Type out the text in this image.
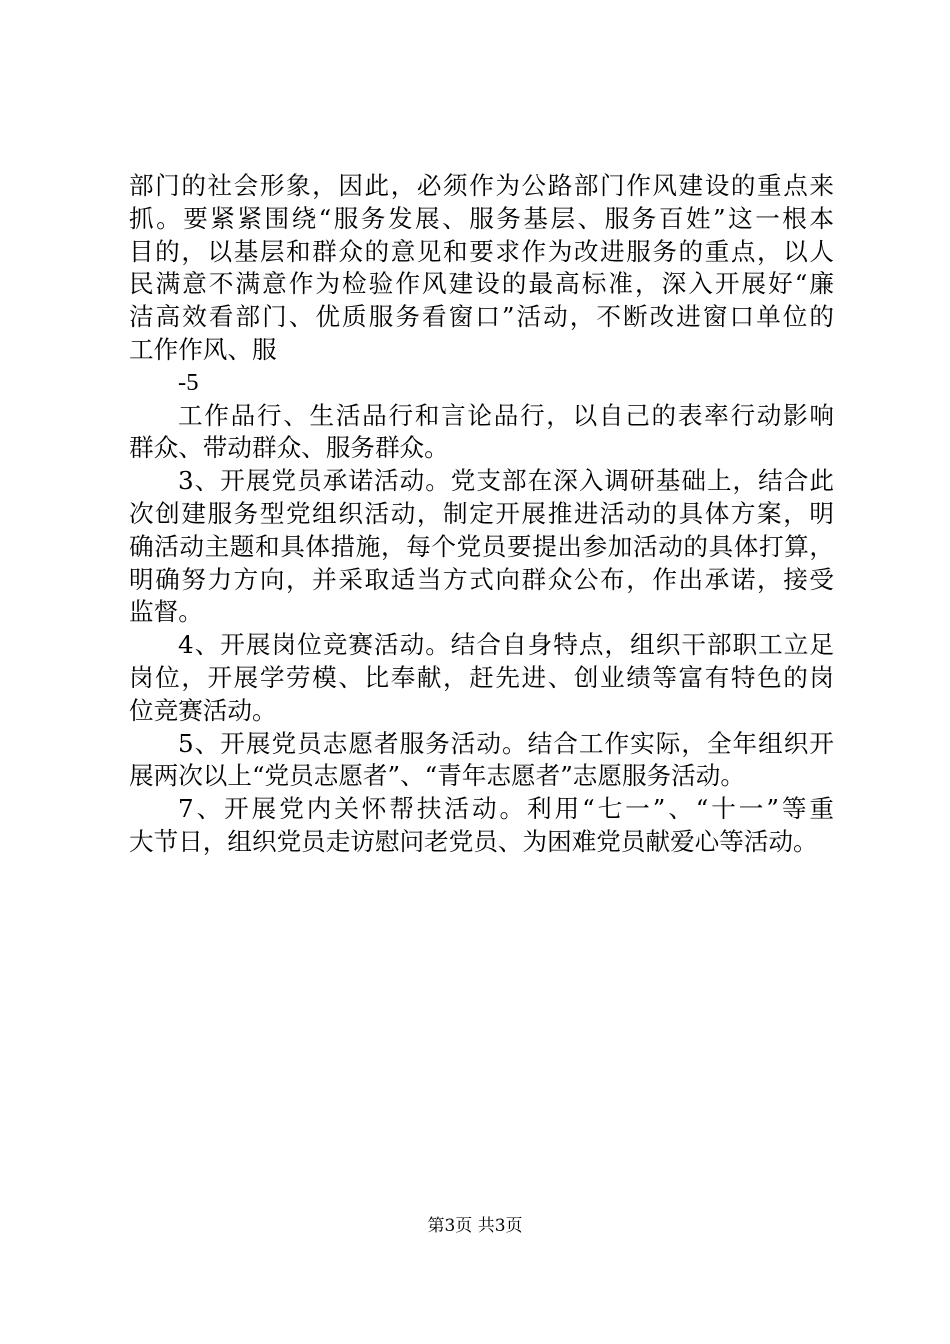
部门的社会形象，因此，必须作为公路部门作风建设的重点来
抓。要紧紧围绕“服务发展、服务基层、服务百姓”这一根本
目的，以基层和群众的意见和要求作为改进服务的重点，以人
民满意不满意作为检验作风建设的最高标准，深入开展好“廉
洁高效看部门、优质服务看窗口”活动，不断改进窗口单位的
工作作风、服
-5
工作品行、生活品行和言论品行，以自己的表率行动影响
群众、带动群众、服务群众。
3、开展党员承诺活动。党支部在深入调研基础上，结合此
次创建服务型党组织活动，制定开展推进活动的具体方案，明
确活动主题和具体措施，每个党员要提出参加活动的具体打算，
明确努力方向，并采取适当方式向群众公布，作出承诺，接受
监督。
4、开展岗位竞赛活动。结合自身特点，组织干部职工立足
岗位，开展学劳模、比奉献，赶先进、创业绩等富有特色的岗
位竞赛活动。
5、开展党员志愿者服务活动。结合工作实际，全年组织开
展两次以上“党员志愿者”、“青年志愿者”志愿服务活动。
7、开展党内关怀帮扶活动。利用“七一”、“十一”等重
大节日，组织党员走访慰问老党员、为困难党员献爱心等活动。
第3页 共3页
